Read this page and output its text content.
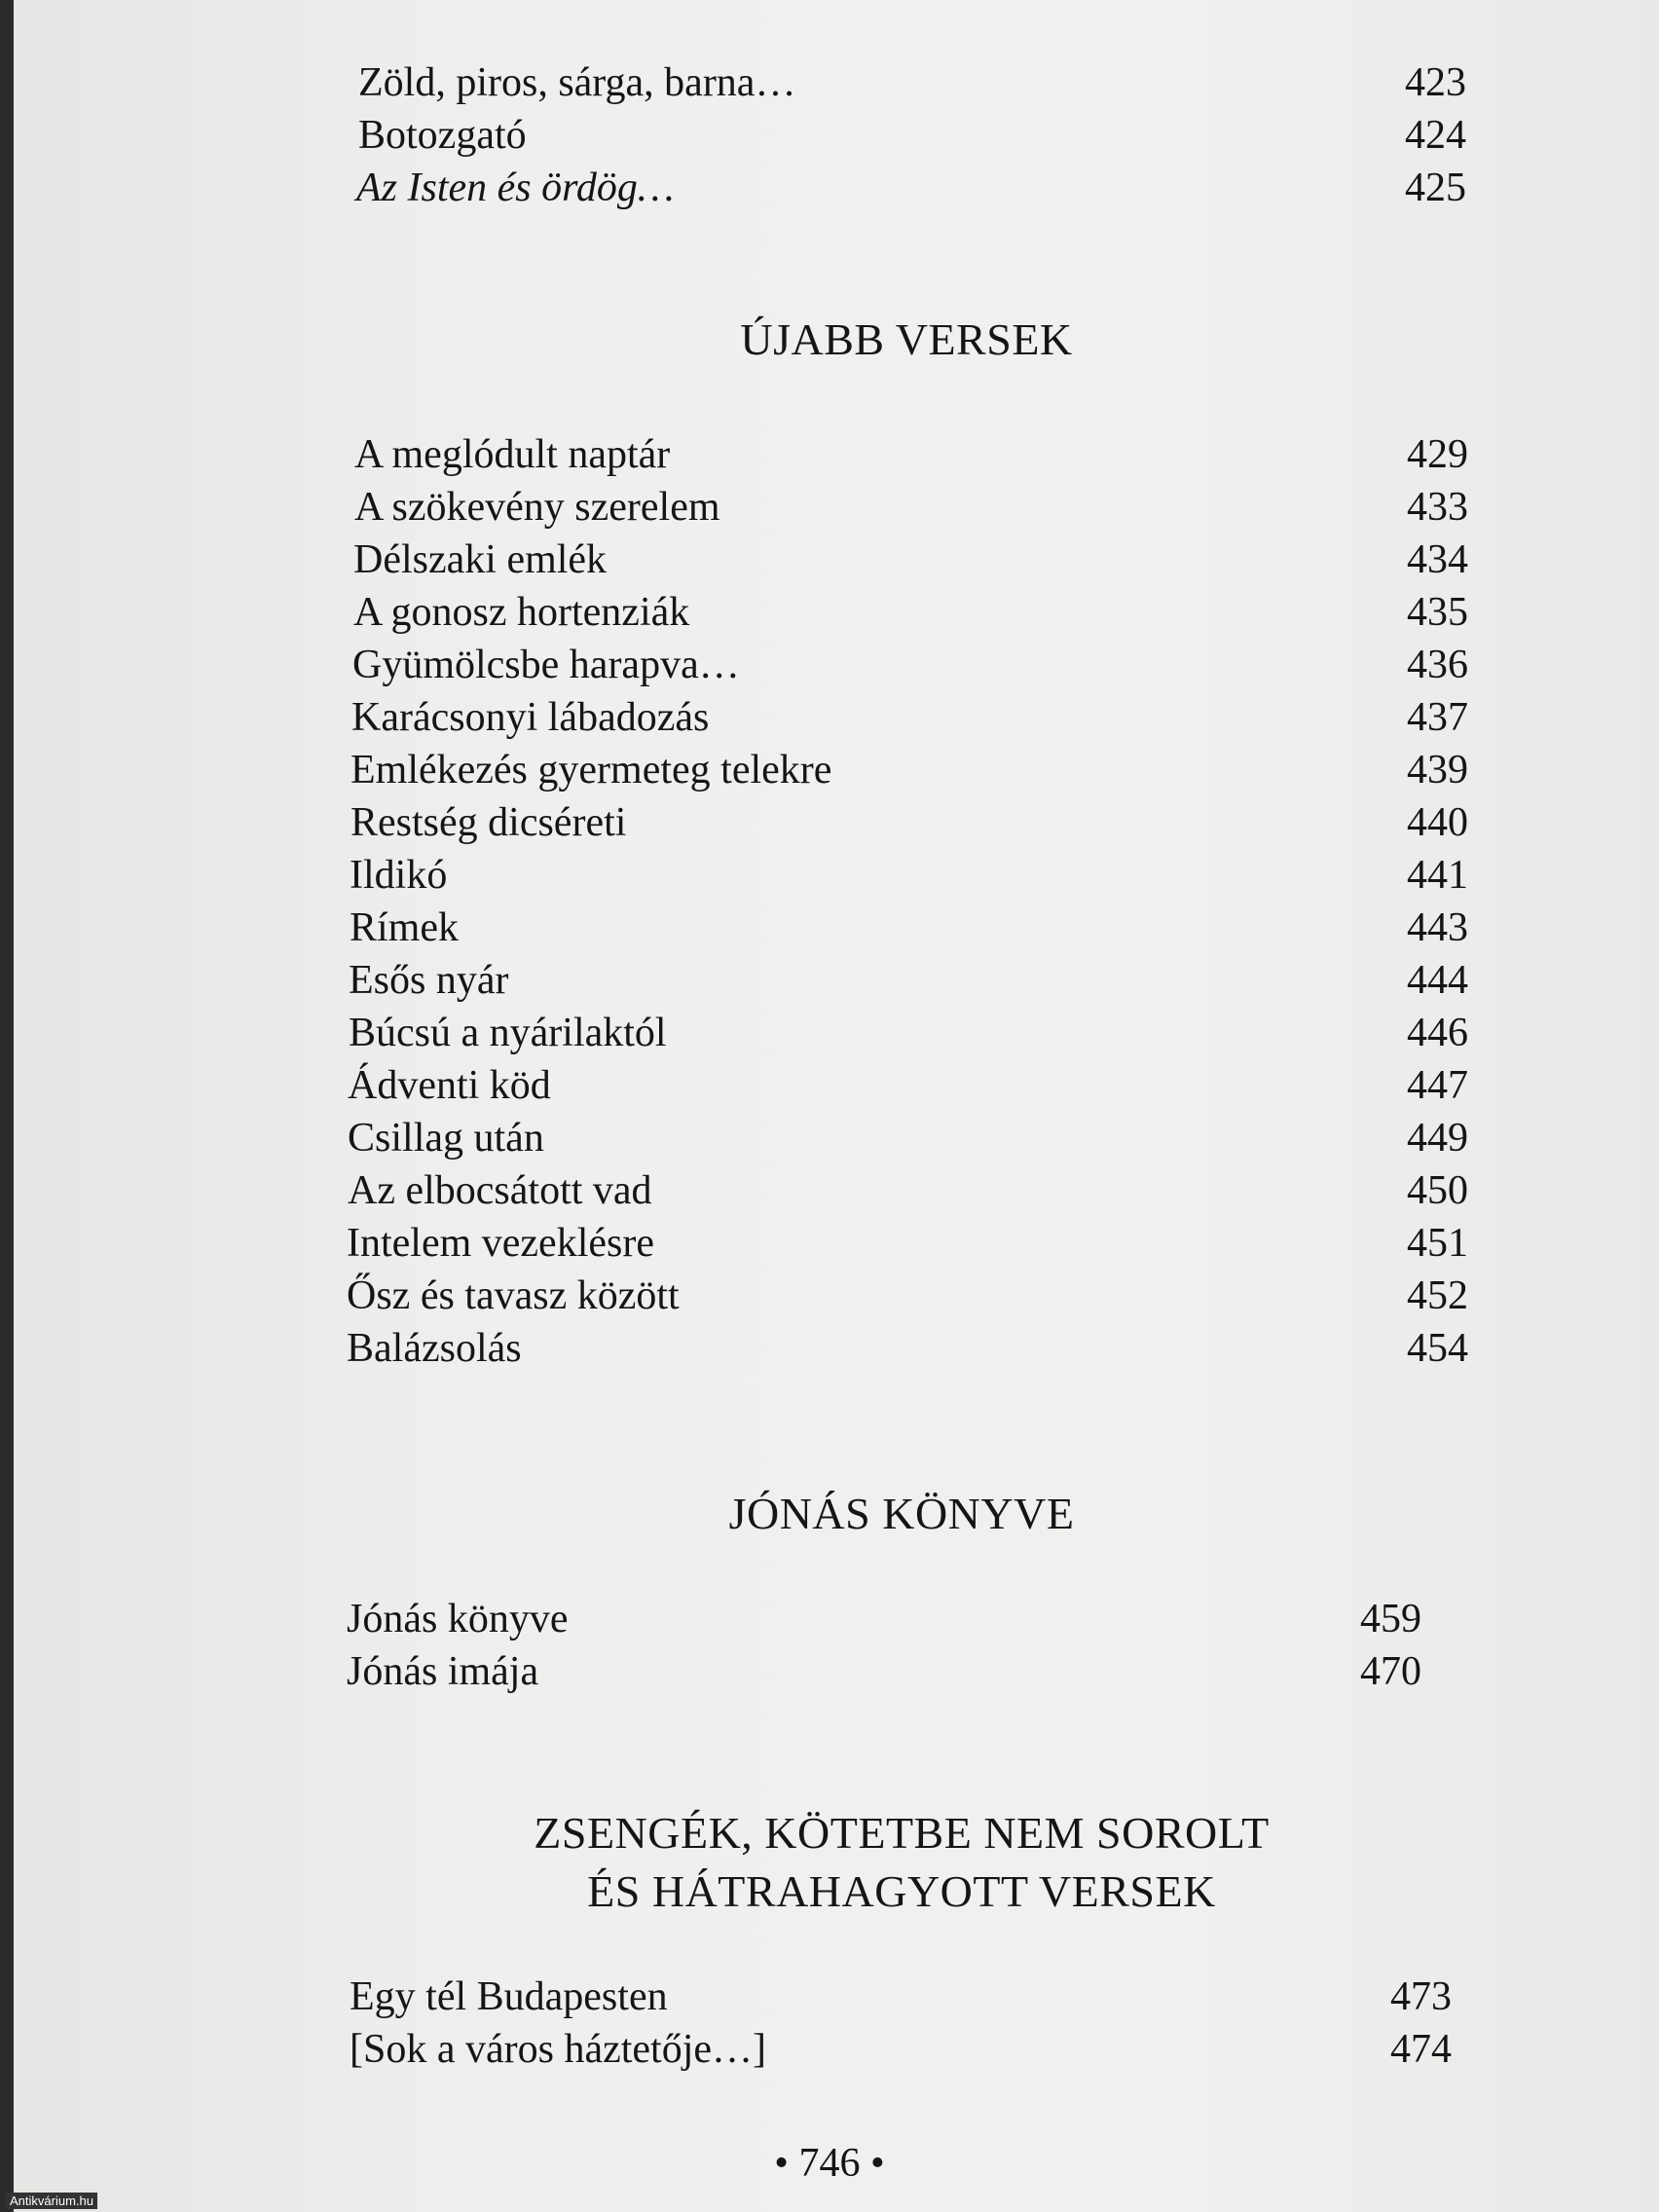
Zöld, piros, sárga, barna…	423
Botozgató	424
Az Isten és ördög…	425
ÚJABB VERSEK
A meglódult naptár	429
A szökevény szerelem	433
Délszaki emlék	434
A gonosz hortenziák	435
Gyümölcsbe harapva…	436
Karácsonyi lábadozás	437
Emlékezés gyermeteg telekre	439
Restség dicséreti	440
Ildikó	441
Rímek	443
Esős nyár	444
Búcsú a nyárilaktól	446
Ádventi köd	447
Csillag után	449
Az elbocsátott vad	450
Intelem vezeklésre	451
Ősz és tavasz között	452
Balázsolás	454
JÓNÁS KÖNYVE
Jónás könyve	459
Jónás imája	470
ZSENGÉK, KÖTETBE NEM SOROLT
ÉS HÁTRAHAGYOTT VERSEK
Egy tél Budapesten	473
[Sok a város háztetője…]	474
• 746 •
Antikvárium.hu
